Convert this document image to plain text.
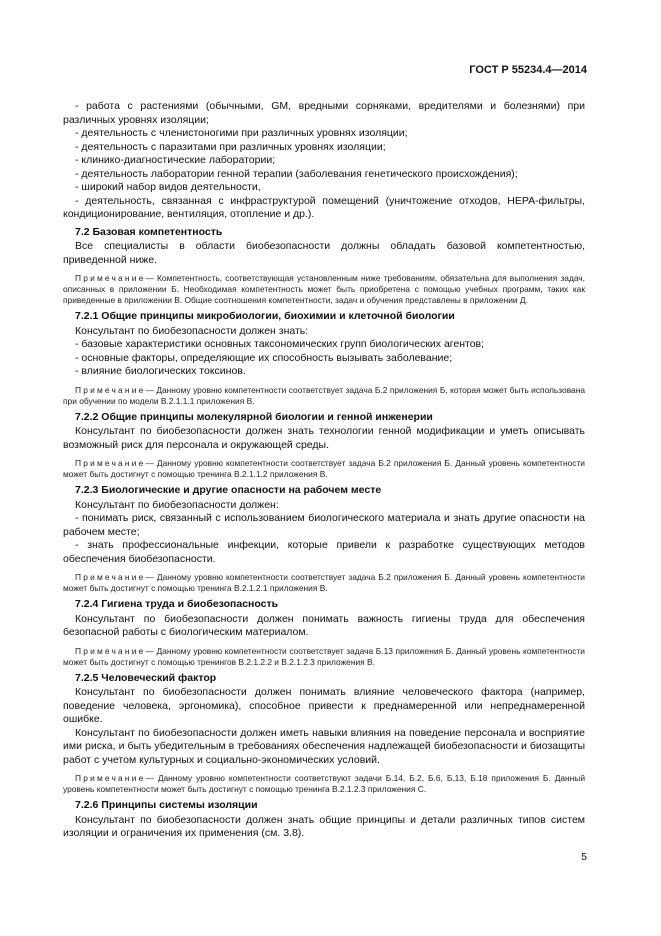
ГОСТ Р 55234.4—2014

- работа с растениями (обычными, GM, вредными сорняками, вредителями и болезнями) при различных уровнях изоляции;

- деятельность с членистоногими при различных уровнях изоляции;

- деятельность с паразитами при различных уровнях изоляции;

- клинико-диагностические лаборатории;

- деятельность лаборатории генной терапии (заболевания генетического происхождения);

- широкий набор видов деятельности,

- деятельность, связанная с инфраструктурой помещений (уничтожение отходов, HEPA-фильтры, кондиционирование, вентиляция, отопление и др.).

7.2 Базовая компетентность

Все специалисты в области биобезопасности должны обладать базовой компетентностью, приведенной ниже.

Примечание— Компетентность, соответствующая установленным ниже требованиям, обязательна для выполнения задач, описанных в приложении Б. Необходимая компетентность может быть приобретена с помощью учебных программ, таких как приведенные в приложении В. Общие соотношения компетентности, задач и обучения представлены в приложении Д.
7.2.1 Общие принципы микробиологии, биохимии и клеточной биологии

Консультант по биобезопасности должен знать:

- базовые характеристики основных таксономических групп биологических агентов;

- основные факторы, определяющие их способность вызывать заболевание;

- влияние биологических токсинов.

Примечание— Данному уровню компетентности соответствует задача Б.2 приложения Б, которая может быть использована при обучении по модели В.2.1.1.1 приложения В.
7.2.2 Общие принципы молекулярной биологии и генной инженерии

Консультант по биобезопасности должен знать технологии генной модификации и уметь описывать возможный риск для персонала и окружающей среды.

Примечание— Данному уровню компетентности соответствует задача Б.2 приложения Б. Данный уровень компетентности может быть достигнут с помощью тренинга В.2.1.1.2 приложения В.
7.2.3 Биологические и другие опасности на рабочем месте

Консультант по биобезопасности должен:

- понимать риск, связанный с использованием биологического материала и знать другие опасности на рабочем месте;

- знать профессиональные инфекции, которые привели к разработке существующих методов обеспечения биобезопасности.

Примечание— Данному уровню компетентности соответствует задача Б.2 приложения Б. Данный уровень компетентности может быть достигнут с помощью тренинга В.2.1.2.1 приложения В.
7.2.4 Гигиена труда и биобезопасность

Консультант по биобезопасности должен понимать важность гигиены труда для обеспечения безопасной работы с биологическим материалом.

Примечание— Данному уровню компетентности соответствует задача Б.13 приложения Б. Данный уровень компетентности может быть достигнут с помощью тренингов В.2.1.2.2 и В.2.1.2.3 приложения В.
7.2.5 Человеческий фактор

Консультант по биобезопасности должен понимать влияние человеческого фактора (например, поведение человека, эргономика), способное привести к преднамеренной или непреднамеренной ошибке.

Консультант по биобезопасности должен иметь навыки влияния на поведение персонала и восприятие ими риска, и быть убедительным в требованиях обеспечения надлежащей биобезопасности и биозащиты работ с учетом культурных и социально-экономических условий.

Примечание— Данному уровню компетентности соответствуют задачи Б.14, Б.2, Б.6, Б.13, Б.18 приложения Б. Данный уровень компетентности может быть достигнут с помощью тренинга В.2.1.2.3 приложения С.
7.2.6 Принципы системы изоляции

Консультант по биобезопасности должен знать общие принципы и детали различных типов систем изоляции и ограничения их применения (см. 3.8).

5
